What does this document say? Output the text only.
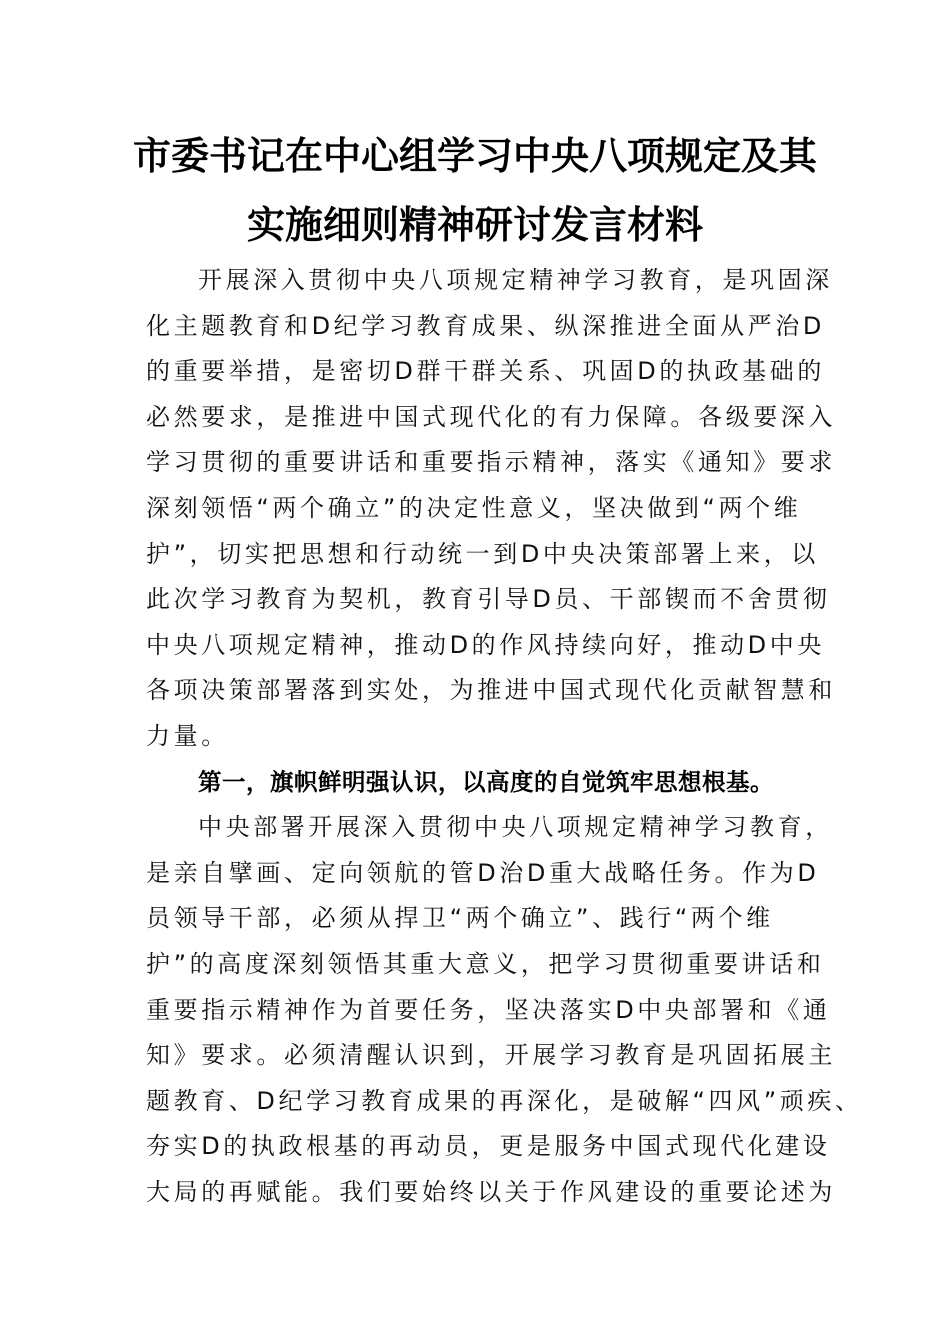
市委书记在中心组学习中央八项规定及其
实施细则精神研讨发言材料
开展深入贯彻中央八项规定精神学习教育，是巩固深
化主题教育和D纪学习教育成果、纵深推进全面从严治D
的重要举措，是密切D群干群关系、巩固D的执政基础的
必然要求，是推进中国式现代化的有力保障。各级要深入
学习贯彻的重要讲话和重要指示精神，落实《通知》要求
深刻领悟“两个确立”的决定性意义，坚决做到“两个维
护”，切实把思想和行动统一到D中央决策部署上来，以
此次学习教育为契机，教育引导D员、干部锲而不舍贯彻
中央八项规定精神，推动D的作风持续向好，推动D中央
各项决策部署落到实处，为推进中国式现代化贡献智慧和
力量。
第一，旗帜鲜明强认识，以高度的自觉筑牢思想根基。
中央部署开展深入贯彻中央八项规定精神学习教育，
是亲自擘画、定向领航的管D治D重大战略任务。作为D
员领导干部，必须从捍卫“两个确立”、践行“两个维
护”的高度深刻领悟其重大意义，把学习贯彻重要讲话和
重要指示精神作为首要任务，坚决落实D中央部署和《通
知》要求。必须清醒认识到，开展学习教育是巩固拓展主
题教育、D纪学习教育成果的再深化，是破解“四风”顽疾、
夯实D的执政根基的再动员，更是服务中国式现代化建设
大局的再赋能。我们要始终以关于作风建设的重要论述为
